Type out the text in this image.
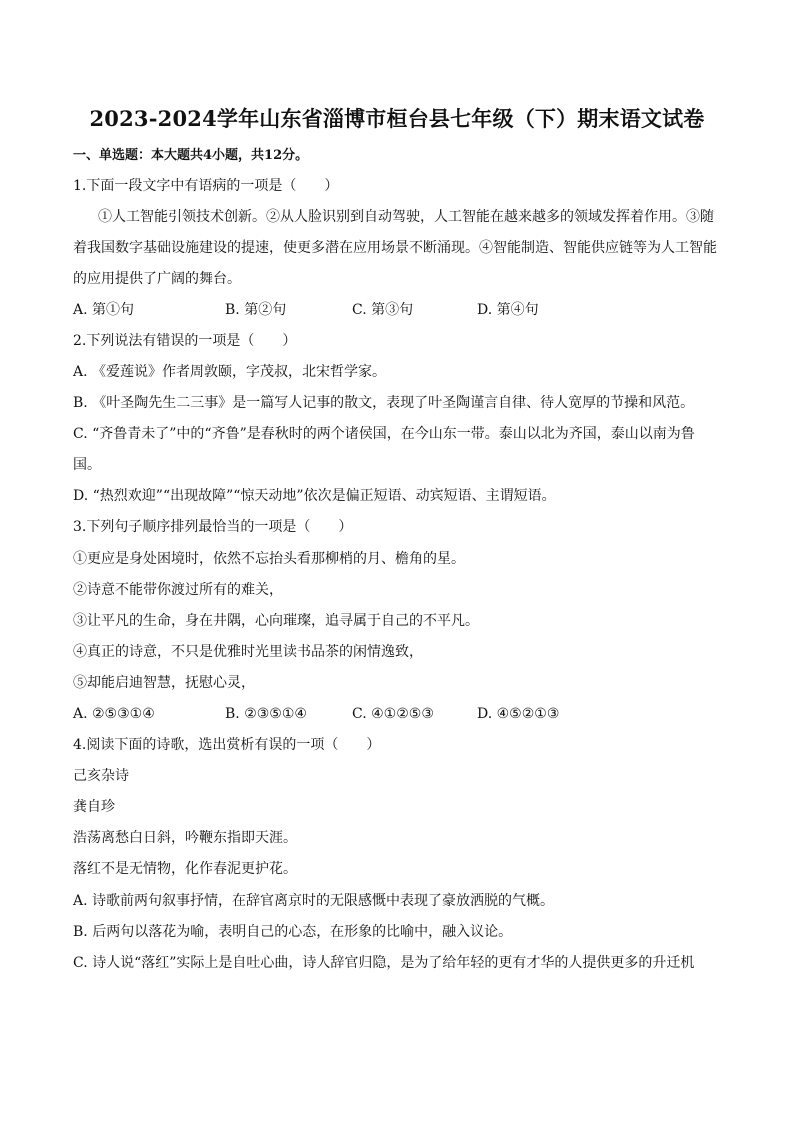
2023-2024学年山东省淄博市桓台县七年级（下）期末语文试卷
一、单选题：本大题共4小题，共12分。
1.下面一段文字中有语病的一项是（　　）
①人工智能引领技术创新。②从人脸识别到自动驾驶，人工智能在越来越多的领域发挥着作用。③随
着我国数字基础设施建设的提速，使更多潜在应用场景不断涌现。④智能制造、智能供应链等为人工智能
的应用提供了广阔的舞台。
A. 第①句	B. 第②句	C. 第③句	D. 第④句
2.下列说法有错误的一项是（　　）
A. 《爱莲说》作者周敦颐，字茂叔，北宋哲学家。
B. 《叶圣陶先生二三事》是一篇写人记事的散文，表现了叶圣陶谨言自律、待人宽厚的节操和风范。
C. “齐鲁青未了”中的“齐鲁”是春秋时的两个诸侯国，在今山东一带。泰山以北为齐国，泰山以南为鲁
国。
D. “热烈欢迎”“出现故障”“惊天动地”依次是偏正短语、动宾短语、主谓短语。
3.下列句子顺序排列最恰当的一项是（　　）
①更应是身处困境时，依然不忘抬头看那柳梢的月、檐角的星。
②诗意不能带你渡过所有的难关，
③让平凡的生命，身在井隅，心向璀璨，追寻属于自己的不平凡。
④真正的诗意，不只是优雅时光里读书品茶的闲情逸致，
⑤却能启迪智慧，抚慰心灵，
A. ②⑤③①④	B. ②③⑤①④	C. ④①②⑤③	D. ④⑤②①③
4.阅读下面的诗歌，选出赏析有误的一项（　　）
己亥杂诗
龚自珍
浩荡离愁白日斜，吟鞭东指即天涯。
落红不是无情物，化作春泥更护花。
A. 诗歌前两句叙事抒情，在辞官离京时的无限感慨中表现了豪放洒脱的气概。
B. 后两句以落花为喻，表明自己的心态，在形象的比喻中，融入议论。
C. 诗人说“落红”实际上是自吐心曲，诗人辞官归隐，是为了给年轻的更有才华的人提供更多的升迁机
